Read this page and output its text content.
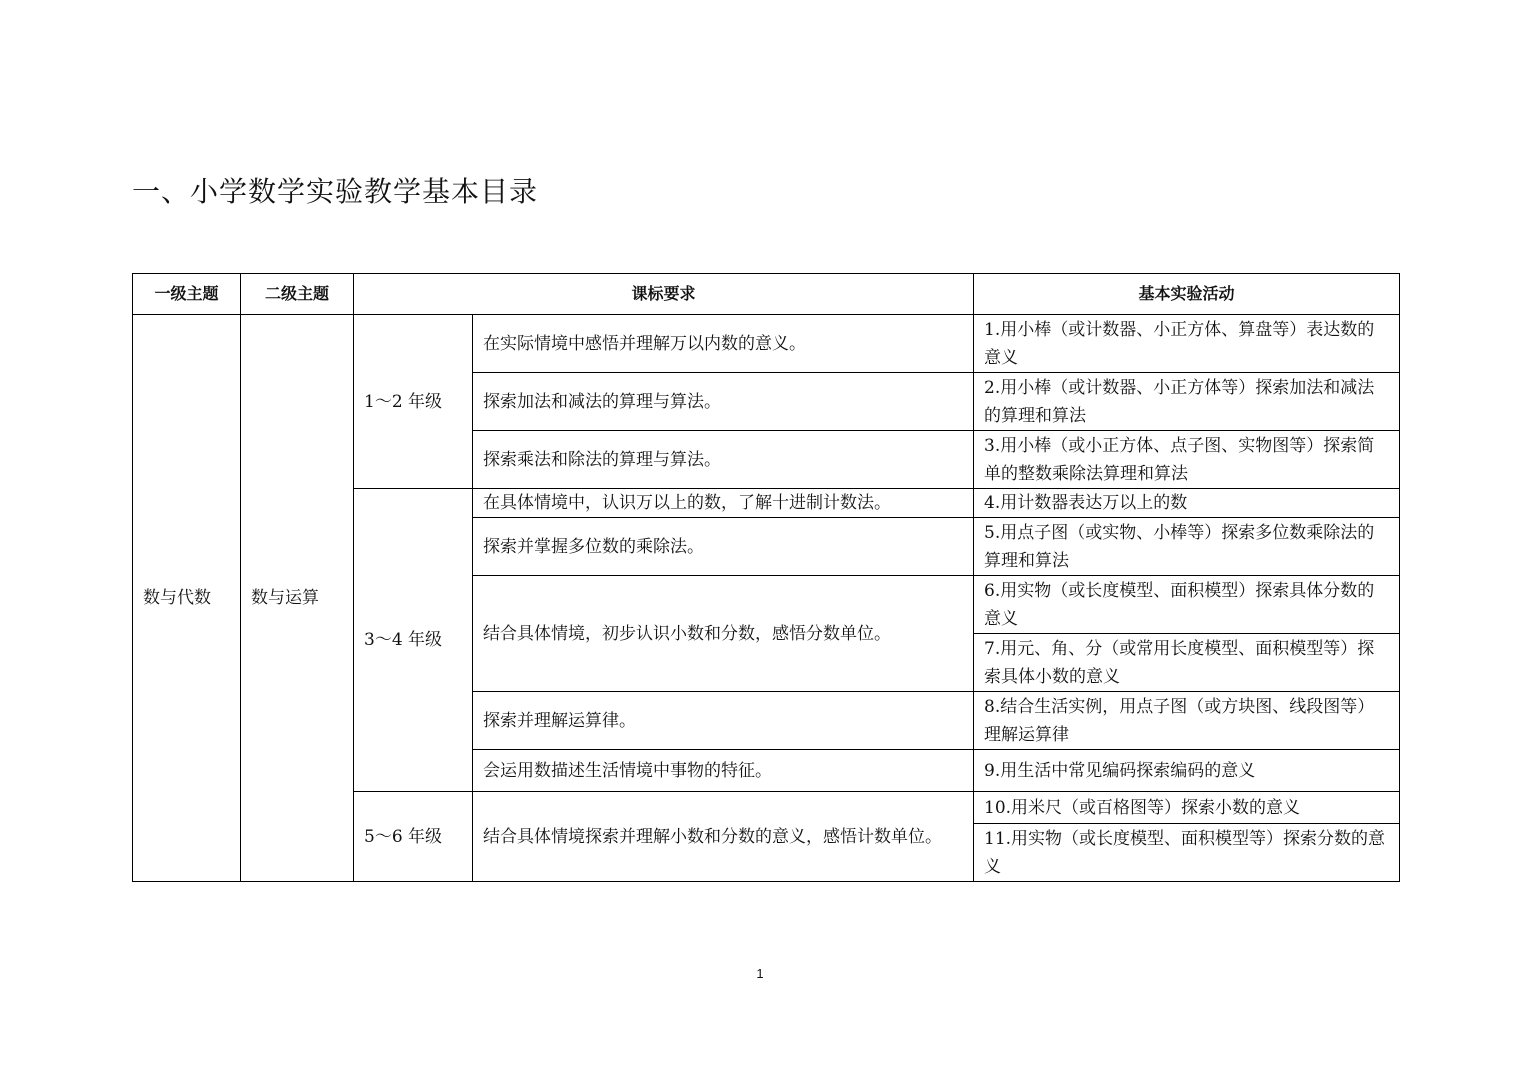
一、小学数学实验教学基本目录
一级主题	二级主题	课标要求		基本实验活动
数与代数	数与运算	1～2 年级	在实际情境中感悟并理解万以内数的意义。	1.用小棒（或计数器、小正方体、算盘等）表达数的意义
			探索加法和减法的算理与算法。	2.用小棒（或计数器、小正方体等）探索加法和减法的算理和算法
			探索乘法和除法的算理与算法。	3.用小棒（或小正方体、点子图、实物图等）探索简单的整数乘除法算理和算法
		3～4 年级	在具体情境中，认识万以上的数，了解十进制计数法。	4.用计数器表达万以上的数
			探索并掌握多位数的乘除法。	5.用点子图（或实物、小棒等）探索多位数乘除法的算理和算法
			结合具体情境，初步认识小数和分数，感悟分数单位。	6.用实物（或长度模型、面积模型）探索具体分数的意义
				7.用元、角、分（或常用长度模型、面积模型等）探索具体小数的意义
			探索并理解运算律。	8.结合生活实例，用点子图（或方块图、线段图等）理解运算律
			会运用数描述生活情境中事物的特征。	9.用生活中常见编码探索编码的意义
		5～6 年级	结合具体情境探索并理解小数和分数的意义，感悟计数单位。	10.用米尺（或百格图等）探索小数的意义
				11.用实物（或长度模型、面积模型等）探索分数的意义
1
